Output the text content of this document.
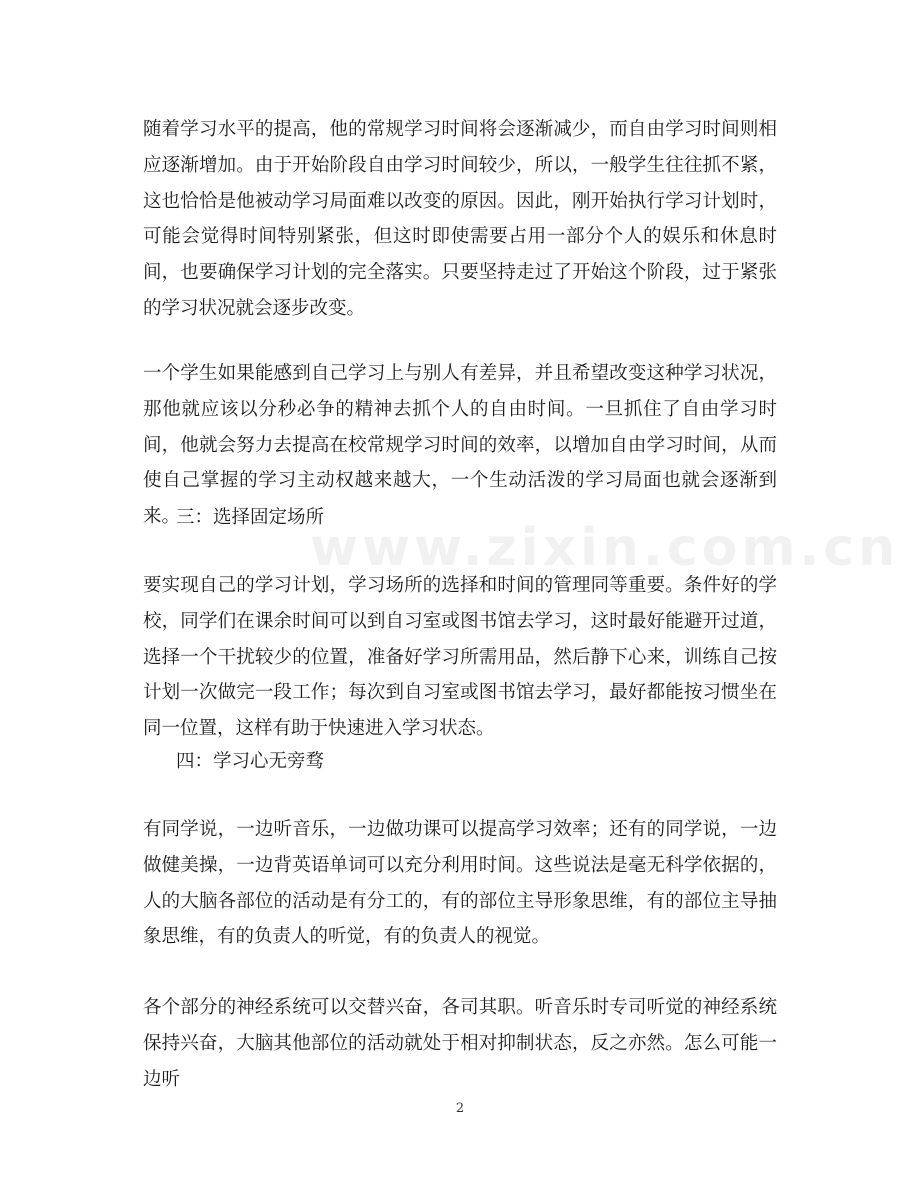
www.zixin.com.cn

随着学习水平的提高，他的常规学习时间将会逐渐减少，而自由学习时间则相应逐渐增加。由于开始阶段自由学习时间较少，所以，一般学生往往抓不紧，这也恰恰是他被动学习局面难以改变的原因。因此，刚开始执行学习计划时，可能会觉得时间特别紧张，但这时即使需要占用一部分个人的娱乐和休息时间，也要确保学习计划的完全落实。只要坚持走过了开始这个阶段，过于紧张的学习状况就会逐步改变。

一个学生如果能感到自己学习上与别人有差异，并且希望改变这种学习状况，那他就应该以分秒必争的精神去抓个人的自由时间。一旦抓住了自由学习时间，他就会努力去提高在校常规学习时间的效率，以增加自由学习时间，从而使自己掌握的学习主动权越来越大，一个生动活泼的学习局面也就会逐渐到来。

三：选择固定场所

要实现自己的学习计划，学习场所的选择和时间的管理同等重要。条件好的学校，同学们在课余时间可以到自习室或图书馆去学习，这时最好能避开过道，选择一个干扰较少的位置，准备好学习所需用品，然后静下心来，训练自己按计划一次做完一段工作；每次到自习室或图书馆去学习，最好都能按习惯坐在同一位置，这样有助于快速进入学习状态。

四：学习心无旁骛

有同学说，一边听音乐，一边做功课可以提高学习效率；还有的同学说，一边做健美操，一边背英语单词可以充分利用时间。这些说法是毫无科学依据的，人的大脑各部位的活动是有分工的，有的部位主导形象思维，有的部位主导抽象思维，有的负责人的听觉，有的负责人的视觉。

各个部分的神经系统可以交替兴奋，各司其职。听音乐时专司听觉的神经系统保持兴奋，大脑其他部位的活动就处于相对抑制状态，反之亦然。怎么可能一边听

2
